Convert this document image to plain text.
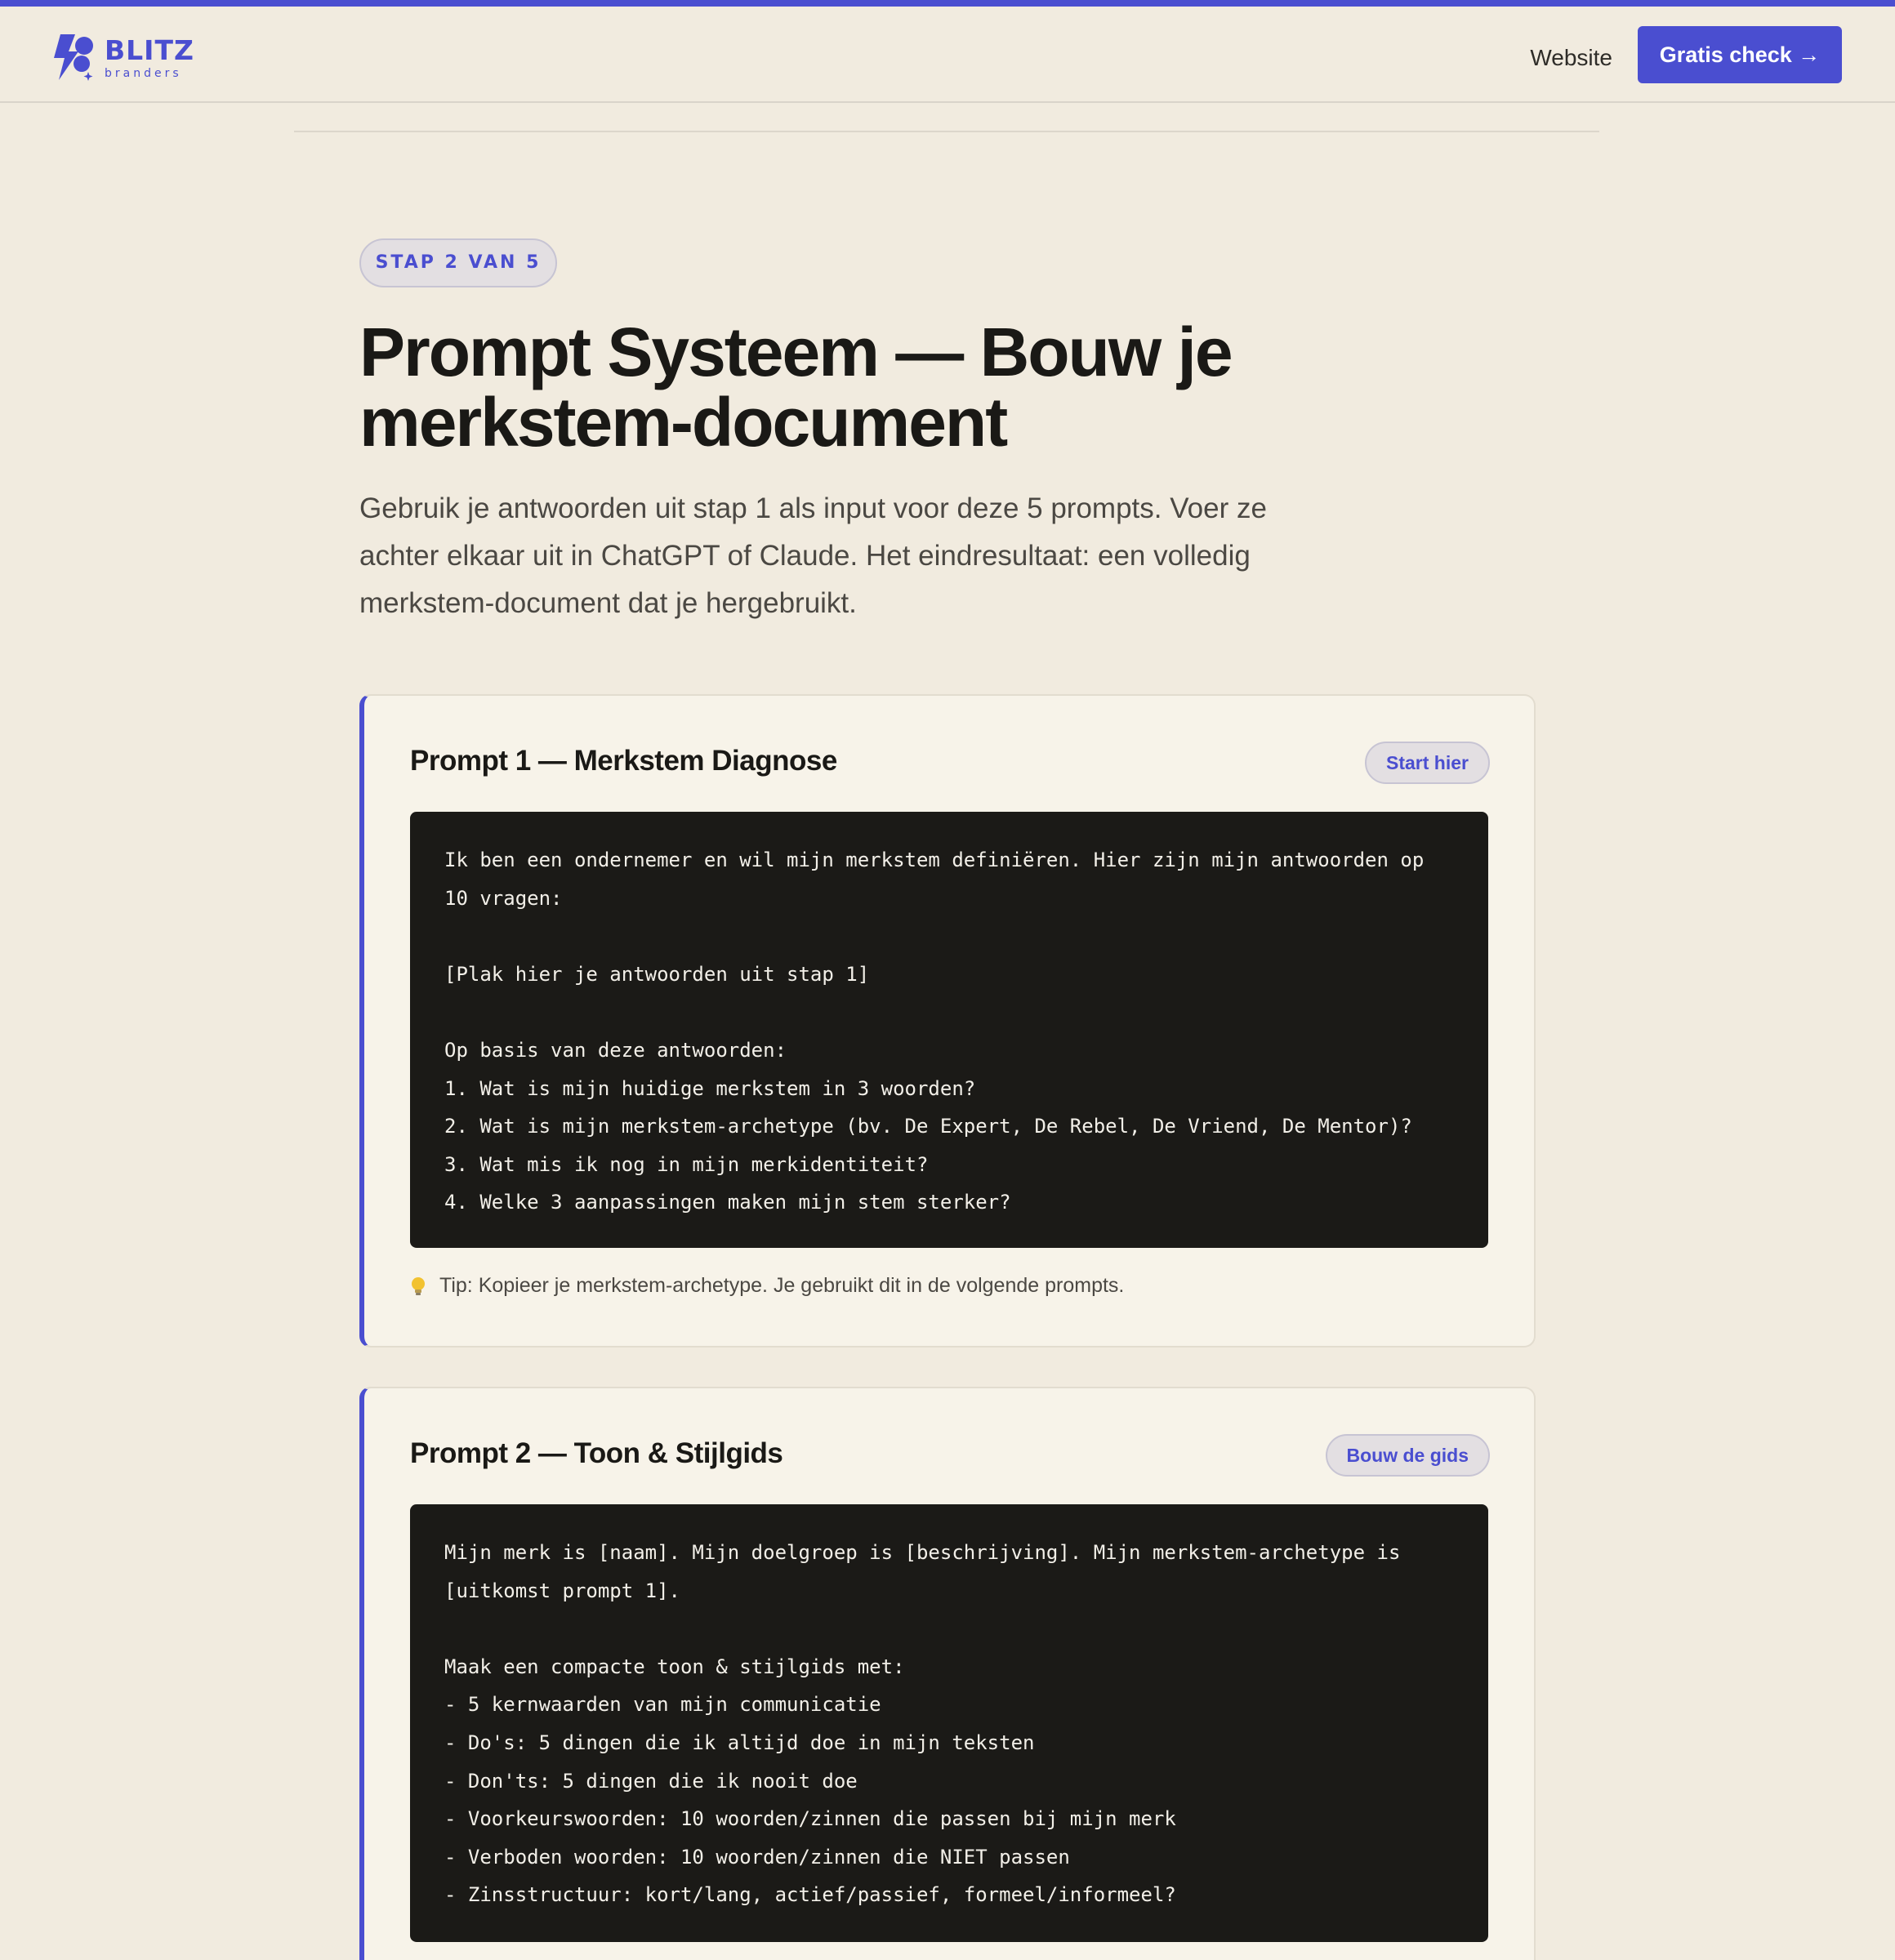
BLITZ
branders
Website	Gratis check →
STAP 2 VAN 5
Prompt Systeem — Bouw je merkstem-document

Gebruik je antwoorden uit stap 1 als input voor deze 5 prompts. Voer ze achter elkaar uit in ChatGPT of Claude. Het eindresultaat: een volledig merkstem-document dat je hergebruikt.

Prompt 1 — Merkstem Diagnose	Start hier
Ik ben een ondernemer en wil mijn merkstem definiëren. Hier zijn mijn antwoorden op 10 vragen:

[Plak hier je antwoorden uit stap 1]

Op basis van deze antwoorden:
1. Wat is mijn huidige merkstem in 3 woorden?
2. Wat is mijn merkstem-archetype (bv. De Expert, De Rebel, De Vriend, De Mentor)?
3. Wat mis ik nog in mijn merkidentiteit?
4. Welke 3 aanpassingen maken mijn stem sterker?
Tip: Kopieer je merkstem-archetype. Je gebruikt dit in de volgende prompts.
Prompt 2 — Toon & Stijlgids	Bouw de gids
Mijn merk is [naam]. Mijn doelgroep is [beschrijving]. Mijn merkstem-archetype is [uitkomst prompt 1].

Maak een compacte toon & stijlgids met:
- 5 kernwaarden van mijn communicatie
- Do's: 5 dingen die ik altijd doe in mijn teksten
- Don'ts: 5 dingen die ik nooit doe
- Voorkeurswoorden: 10 woorden/zinnen die passen bij mijn merk
- Verboden woorden: 10 woorden/zinnen die NIET passen
- Zinsstructuur: kort/lang, actief/passief, formeel/informeel?
